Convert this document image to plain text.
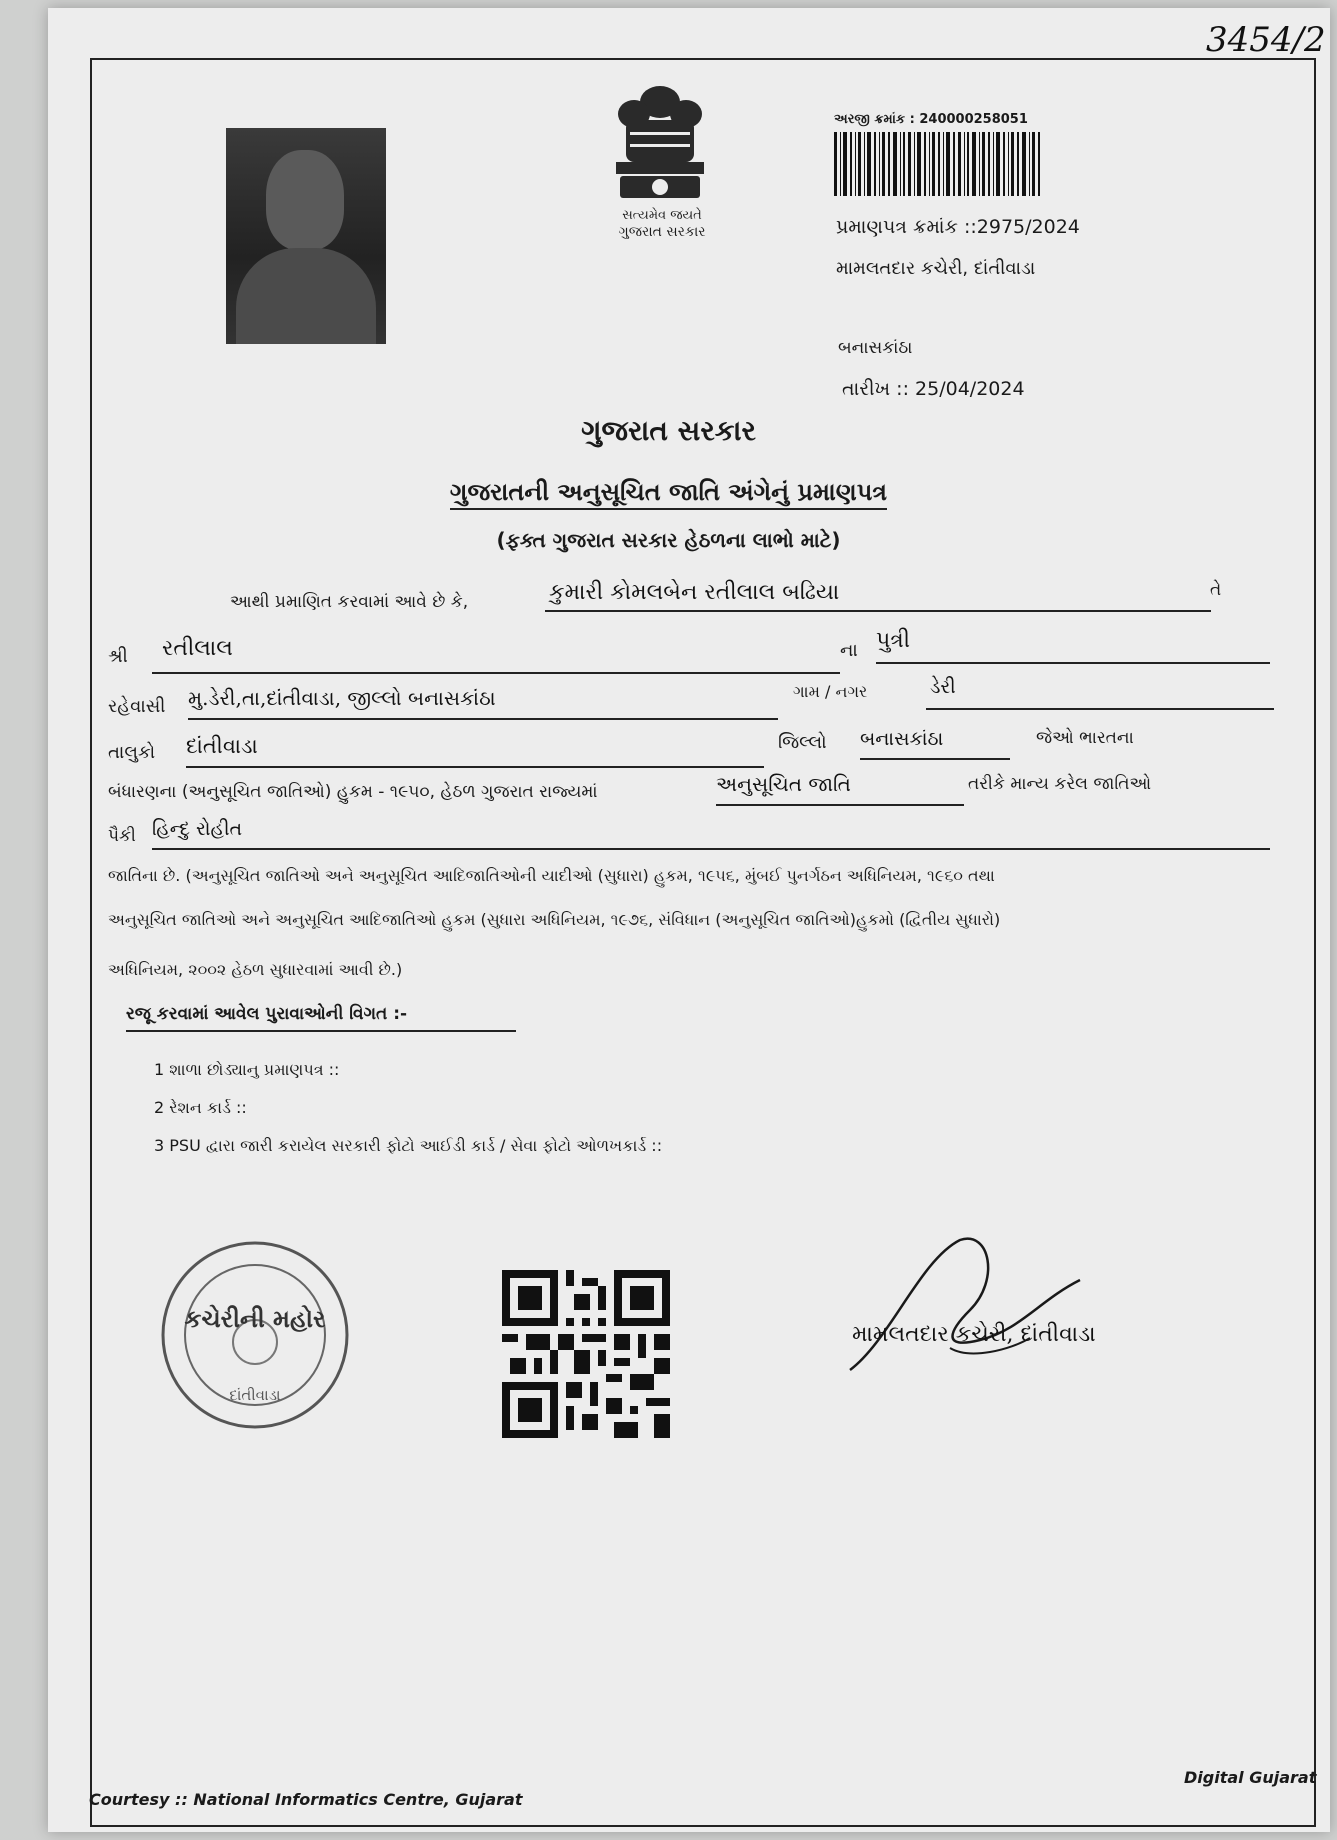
3454/2
સત્યમેવ જયતે
ગુજરાત સરકાર
અરજી ક્રમાંક : 240000258051
પ્રમાણપત્ર ક્રમાંક ::2975/2024
મામલતદાર કચેરી, દાંતીવાડા
બનાસકાંઠા
તારીખ :: 25/04/2024
ગુજરાત સરકાર
ગુજરાતની અનુસૂચિત જાતિ અંગેનું પ્રમાણપત્ર
(ફક્ત ગુજરાત સરકાર હેઠળના લાભો માટે)
આથી પ્રમાણિત કરવામાં આવે છે કે,	કુમારી કોમલબેન રતીલાલ બઢિયા	તે
શ્રી	રતીલાલ	ના પુત્રી
રહેવાસી મુ.ડેરી,તા,દાંતીવાડા, જીલ્લો બનાસકાંઠા	ગામ / નગર	ડેરી
તાલુકો દાંતીવાડા	જિલ્લો બનાસકાંઠા	જેઓ ભારતના
બંધારણના (અનુસૂચિત જાતિઓ) હુકમ - ૧૯૫૦, હેઠળ ગુજરાત રાજ્યમાં	અનુસૂચિત જાતિ	તરીકે માન્ય કરેલ જાતિઓ
પૈકી હિન્દુ રોહીત
જાતિના છે. (અનુસૂચિત જાતિઓ અને અનુસૂચિત આદિજાતિઓની યાદીઓ (સુધારા) હુકમ, ૧૯૫૬, મુંબઈ પુનર્ગઠન અધિનિયમ, ૧૯૬૦ તથા
અનુસૂચિત જાતિઓ અને અનુસૂચિત આદિજાતિઓ હુકમ (સુધારા અધિનિયમ, ૧૯૭૬, સંવિધાન (અનુસૂચિત જાતિઓ)હુકમો (દ્વિતીય સુધારો)
અધિનિયમ, ૨૦૦૨ હેઠળ સુધારવામાં આવી છે.)
રજૂ કરવામાં આવેલ પુરાવાઓની વિગત :-
1 શાળા છોડ્યાનુ પ્રમાણપત્ર ::
2 રેશન કાર્ડ ::
3 PSU દ્વારા જારી કરાયેલ સરકારી ફોટો આઈડી કાર્ડ / સેવા ફોટો ઓળખકાર્ડ ::
કચેરીની મહોર
દાંતીવાડા
મામલતદાર કચેરી, દાંતીવાડા
Courtesy :: National Informatics Centre, Gujarat
Digital Gujarat
